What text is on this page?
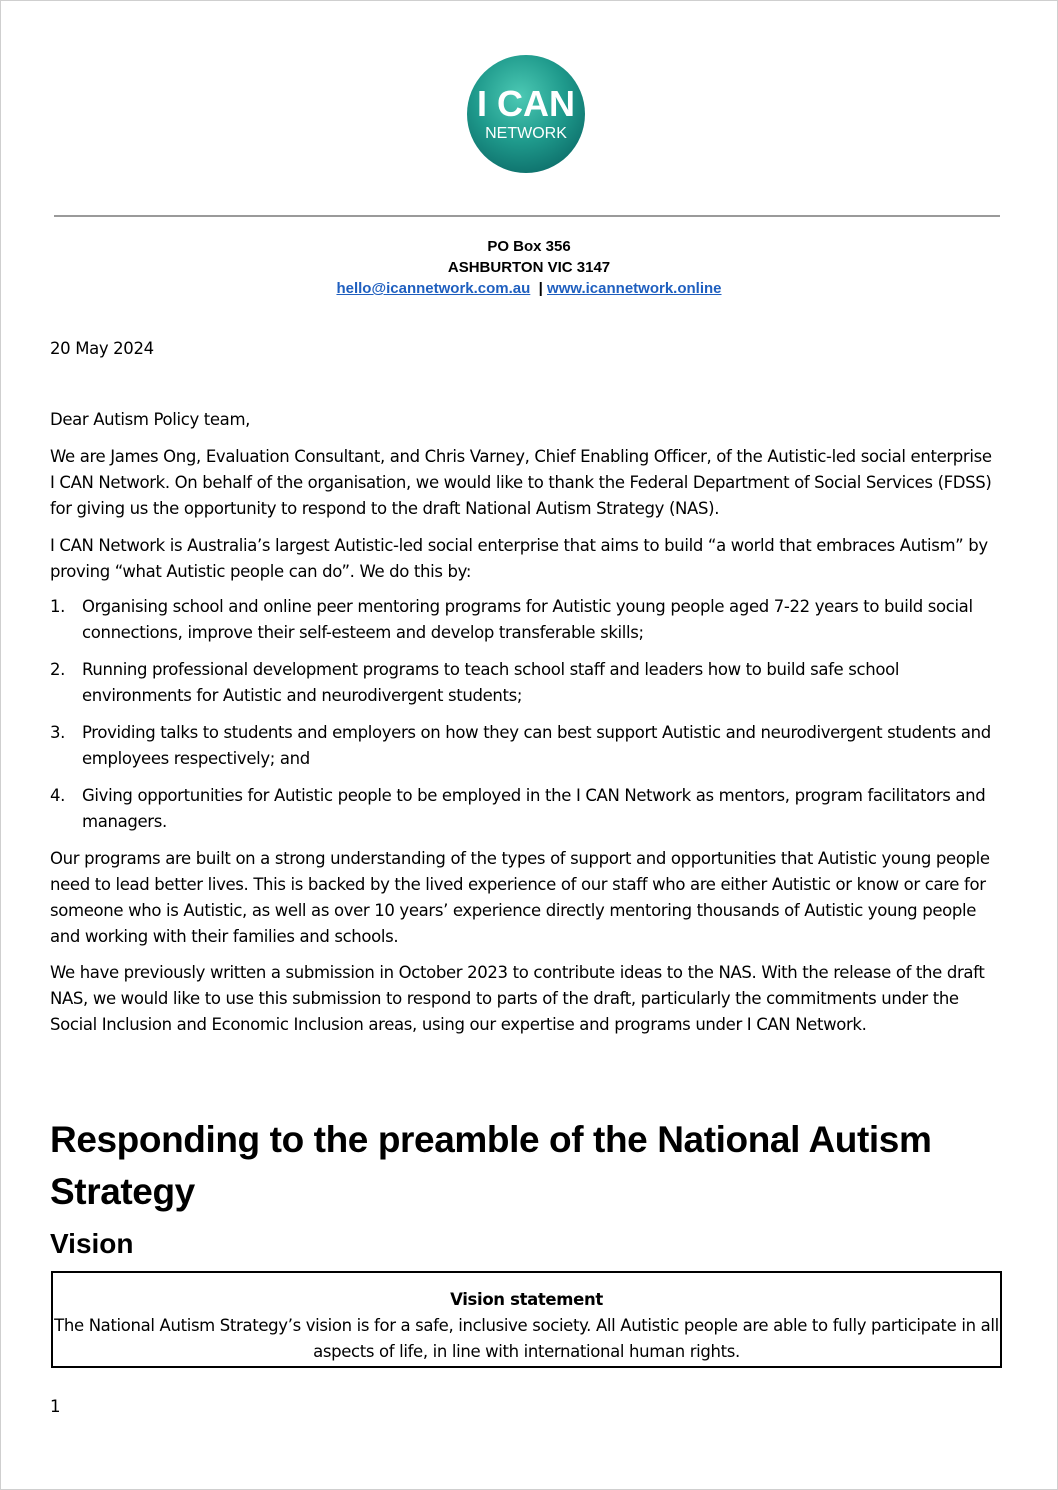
I CAN
NETWORK
PO Box 356
ASHBURTON VIC 3147
hello@icannetwork.com.au | www.icannetwork.online
20 May 2024
Dear Autism Policy team,
We are James Ong, Evaluation Consultant, and Chris Varney, Chief Enabling Officer, of the Autistic-led social enterprise I CAN Network. On behalf of the organisation, we would like to thank the Federal Department of Social Services (FDSS) for giving us the opportunity to respond to the draft National Autism Strategy (NAS).
I CAN Network is Australia’s largest Autistic-led social enterprise that aims to build “a world that embraces Autism” by proving “what Autistic people can do”. We do this by:
1. Organising school and online peer mentoring programs for Autistic young people aged 7-22 years to build social connections, improve their self-esteem and develop transferable skills;
2. Running professional development programs to teach school staff and leaders how to build safe school environments for Autistic and neurodivergent students;
3. Providing talks to students and employers on how they can best support Autistic and neurodivergent students and employees respectively; and
4. Giving opportunities for Autistic people to be employed in the I CAN Network as mentors, program facilitators and managers.
Our programs are built on a strong understanding of the types of support and opportunities that Autistic young people need to lead better lives. This is backed by the lived experience of our staff who are either Autistic or know or care for someone who is Autistic, as well as over 10 years’ experience directly mentoring thousands of Autistic young people and working with their families and schools.
We have previously written a submission in October 2023 to contribute ideas to the NAS. With the release of the draft NAS, we would like to use this submission to respond to parts of the draft, particularly the commitments under the Social Inclusion and Economic Inclusion areas, using our expertise and programs under I CAN Network.
Responding to the preamble of the National Autism Strategy
Vision
Vision statement
The National Autism Strategy’s vision is for a safe, inclusive society. All Autistic people are able to fully participate in all aspects of life, in line with international human rights.
1
